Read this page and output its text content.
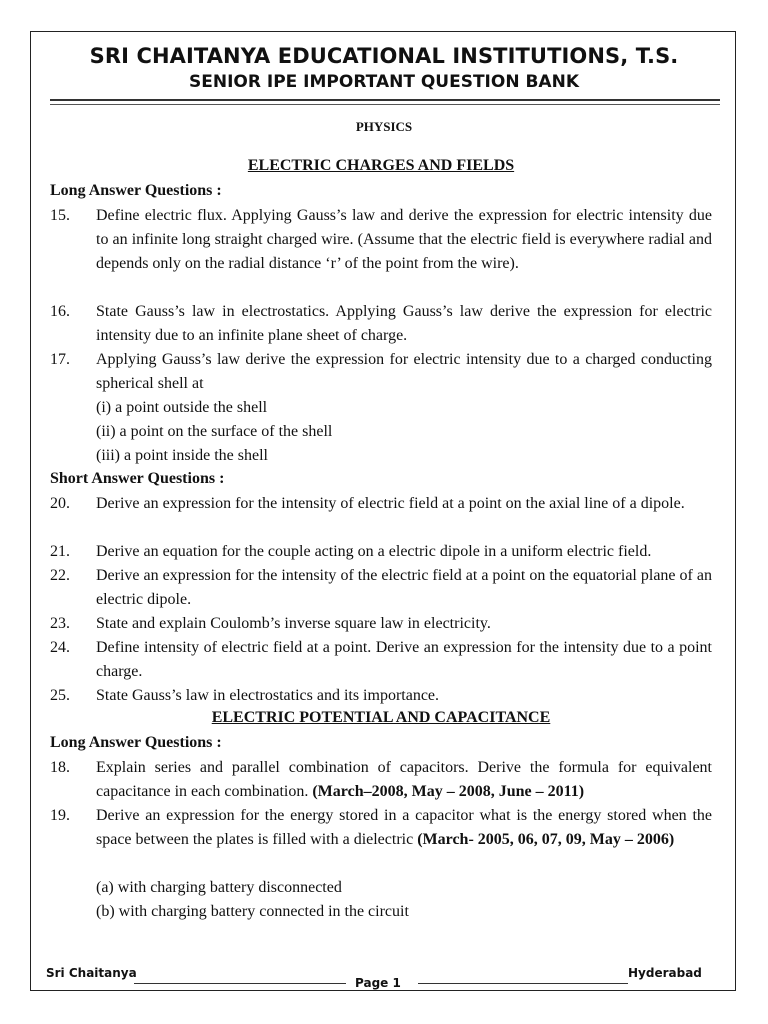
SRI CHAITANYA EDUCATIONAL INSTITUTIONS, T.S.
SENIOR IPE IMPORTANT QUESTION BANK
PHYSICS
ELECTRIC CHARGES AND FIELDS
Long Answer Questions :
15. Define electric flux. Applying Gauss’s law and derive the expression for electric intensity due to an infinite long straight charged wire. (Assume that the electric field is everywhere radial and depends only on the radial distance ‘r’ of the point from the wire).
16. State Gauss’s law in electrostatics. Applying Gauss’s law derive the expression for electric intensity due to an infinite plane sheet of charge.
17. Applying Gauss’s law derive the expression for electric intensity due to a charged conducting spherical shell at
(i) a point outside the shell
(ii) a point on the surface of the shell
(iii) a point inside the shell
Short Answer Questions :
20. Derive an expression for the intensity of electric field at a point on the axial line of a dipole.
21. Derive an equation for the couple acting on a electric dipole in a uniform electric field.
22. Derive an expression for the intensity of the electric field at a point on the equatorial plane of an electric dipole.
23. State and explain Coulomb’s inverse square law in electricity.
24. Define intensity of electric field at a point. Derive an expression for the intensity due to a point charge.
25. State Gauss’s law in electrostatics and its importance.
ELECTRIC POTENTIAL AND CAPACITANCE
Long Answer Questions :
18. Explain series and parallel combination of capacitors. Derive the formula for equivalent capacitance in each combination. (March–2008, May – 2008, June – 2011)
19. Derive an expression for the energy stored in a capacitor what is the energy stored when the space between the plates is filled with a dielectric (March- 2005, 06, 07, 09, May – 2006)
(a) with charging battery disconnected
(b) with charging battery connected in the circuit
Sri Chaitanya
Page 1
Hyderabad
